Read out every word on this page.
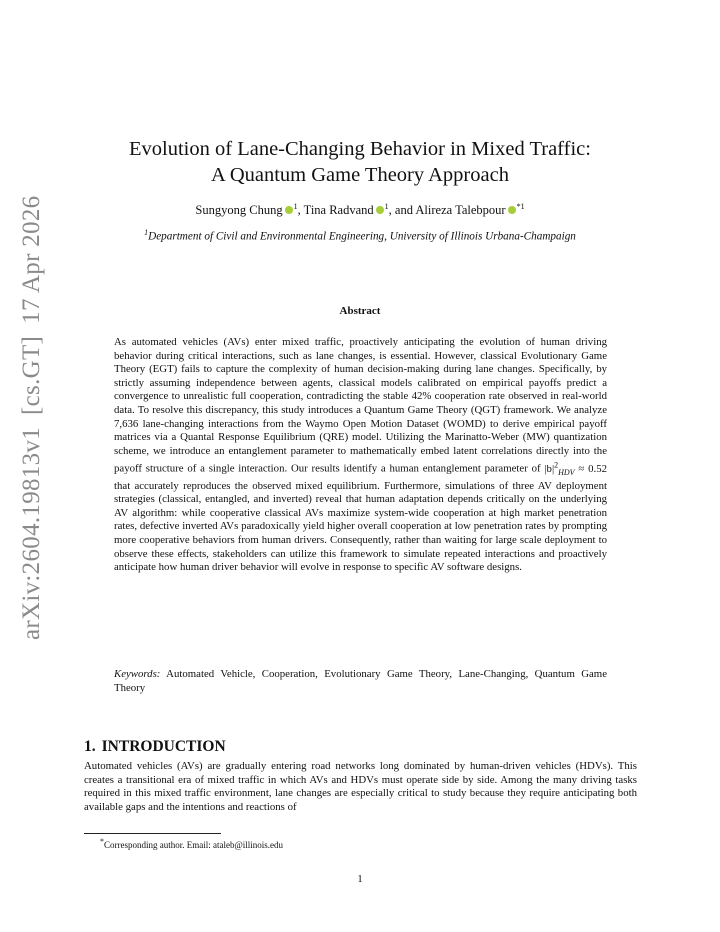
arXiv:2604.19813v1[cs.GT]17 Apr 2026
Evolution of Lane-Changing Behavior in Mixed Traffic:
A Quantum Game Theory Approach
Sungyong Chung $^1$, Tina Radvand $^1$, and Alireza Talebpour $^{*1}$
$^1$Department of Civil and Environmental Engineering, University of Illinois Urbana-Champaign
Abstract

As automated vehicles (AVs) enter mixed traffic, proactively anticipating the evolution of human driving behavior during critical interactions, such as lane changes, is essential. However, classical Evolutionary Game Theory (EGT) fails to capture the complexity of human decision-making during lane changes. Specifically, by strictly assuming independence between agents, classical models calibrated on empirical payoffs predict a convergence to unrealistic full cooperation, contradicting the stable 42% cooperation rate observed in real-world data. To resolve this discrepancy, this study introduces a Quantum Game Theory (QGT) framework. We analyze 7,636 lane-changing interactions from the Waymo Open Motion Dataset (WOMD) to derive empirical payoff matrices via a Quantal Response Equilibrium (QRE) model. Utilizing the Marinatto-Weber (MW) quantization scheme, we introduce an entanglement parameter to mathematically embed latent correlations directly into the payoff structure of a single interaction. Our results identify a human entanglement parameter of $|b|^2_{HDV} \approx 0.52$ that accurately reproduces the observed mixed equilibrium. Furthermore, simulations of three AV deployment strategies (classical, entangled, and inverted) reveal that human adaptation depends critically on the underlying AV algorithm: while cooperative classical AVs maximize system-wide cooperation at high market penetration rates, defective inverted AVs paradoxically yield higher overall cooperation at low penetration rates by prompting more cooperative behaviors from human drivers. Consequently, rather than waiting for large scale deployment to observe these effects, stakeholders can utilize this framework to simulate repeated interactions and proactively anticipate how human driver behavior will evolve in response to specific AV software designs.

Keywords: Automated Vehicle, Cooperation, Evolutionary Game Theory, Lane-Changing, Quantum Game Theory

1. INTRODUCTION

Automated vehicles (AVs) are gradually entering road networks long dominated by human-driven vehicles (HDVs). This creates a transitional era of mixed traffic in which AVs and HDVs must operate side by side. Among the many driving tasks required in this mixed traffic environment, lane changes are especially critical to study because they require anticipating both available gaps and the intentions and reactions of

*Corresponding author. Email: ataleb@illinois.edu
1
